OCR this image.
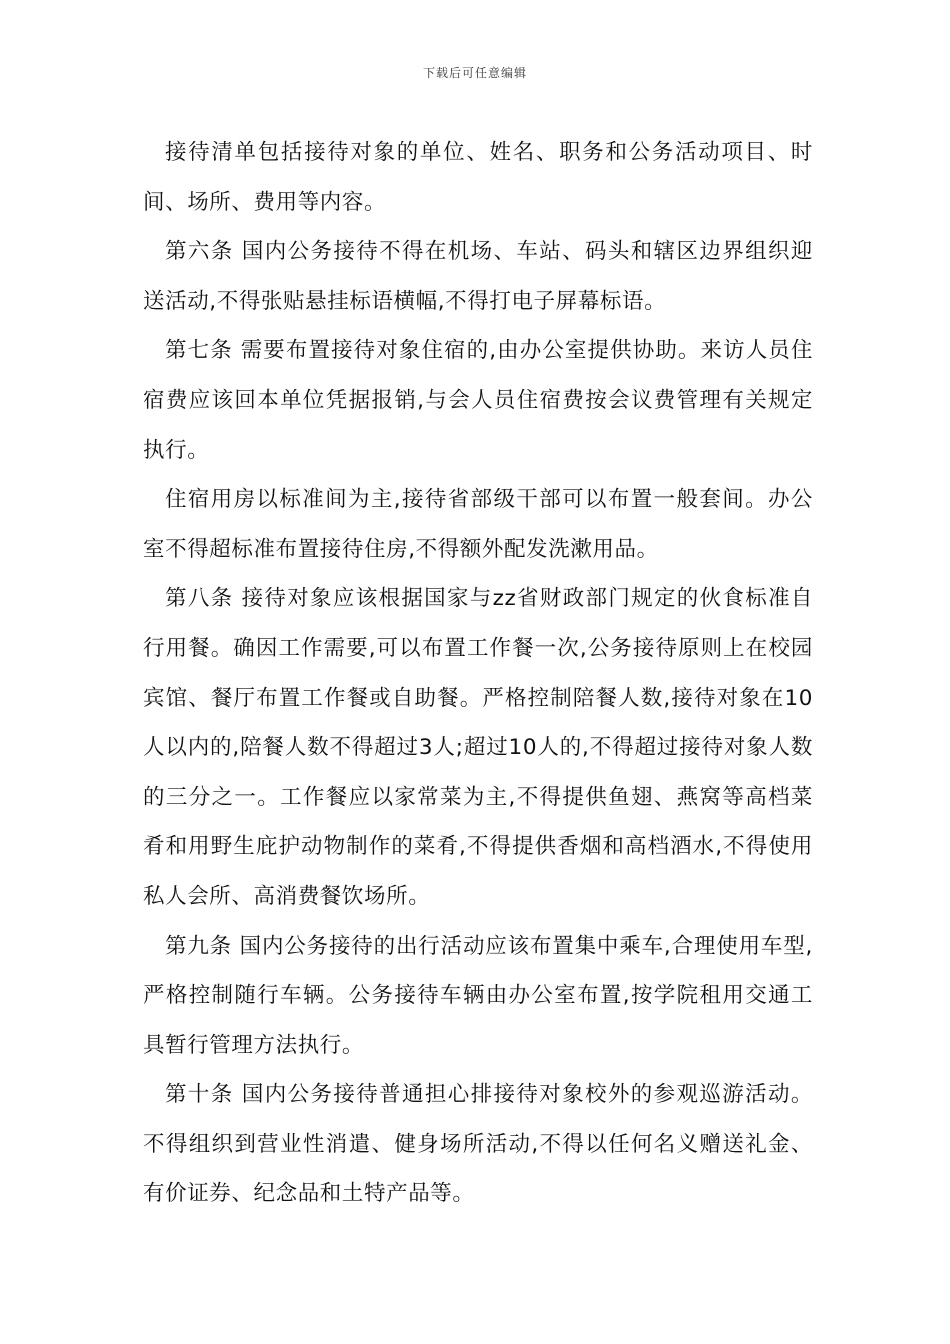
下载后可任意编辑

接待清单包括接待对象的单位、姓名、职务和公务活动项目、时间、场所、费用等内容。

第六条 国内公务接待不得在机场、车站、码头和辖区边界组织迎送活动,不得张贴悬挂标语横幅,不得打电子屏幕标语。

第七条 需要布置接待对象住宿的,由办公室提供协助。来访人员住宿费应该回本单位凭据报销,与会人员住宿费按会议费管理有关规定执行。

住宿用房以标准间为主,接待省部级干部可以布置一般套间。办公室不得超标准布置接待住房,不得额外配发洗漱用品。

第八条 接待对象应该根据国家与zz省财政部门规定的伙食标准自行用餐。确因工作需要,可以布置工作餐一次,公务接待原则上在校园宾馆、餐厅布置工作餐或自助餐。严格控制陪餐人数,接待对象在10人以内的,陪餐人数不得超过3人;超过10人的,不得超过接待对象人数的三分之一。工作餐应以家常菜为主,不得提供鱼翅、燕窝等高档菜肴和用野生庇护动物制作的菜肴,不得提供香烟和高档酒水,不得使用私人会所、高消费餐饮场所。

第九条 国内公务接待的出行活动应该布置集中乘车,合理使用车型,严格控制随行车辆。公务接待车辆由办公室布置,按学院租用交通工具暂行管理方法执行。

第十条 国内公务接待普通担心排接待对象校外的参观巡游活动。不得组织到营业性消遣、健身场所活动,不得以任何名义赠送礼金、有价证券、纪念品和土特产品等。
